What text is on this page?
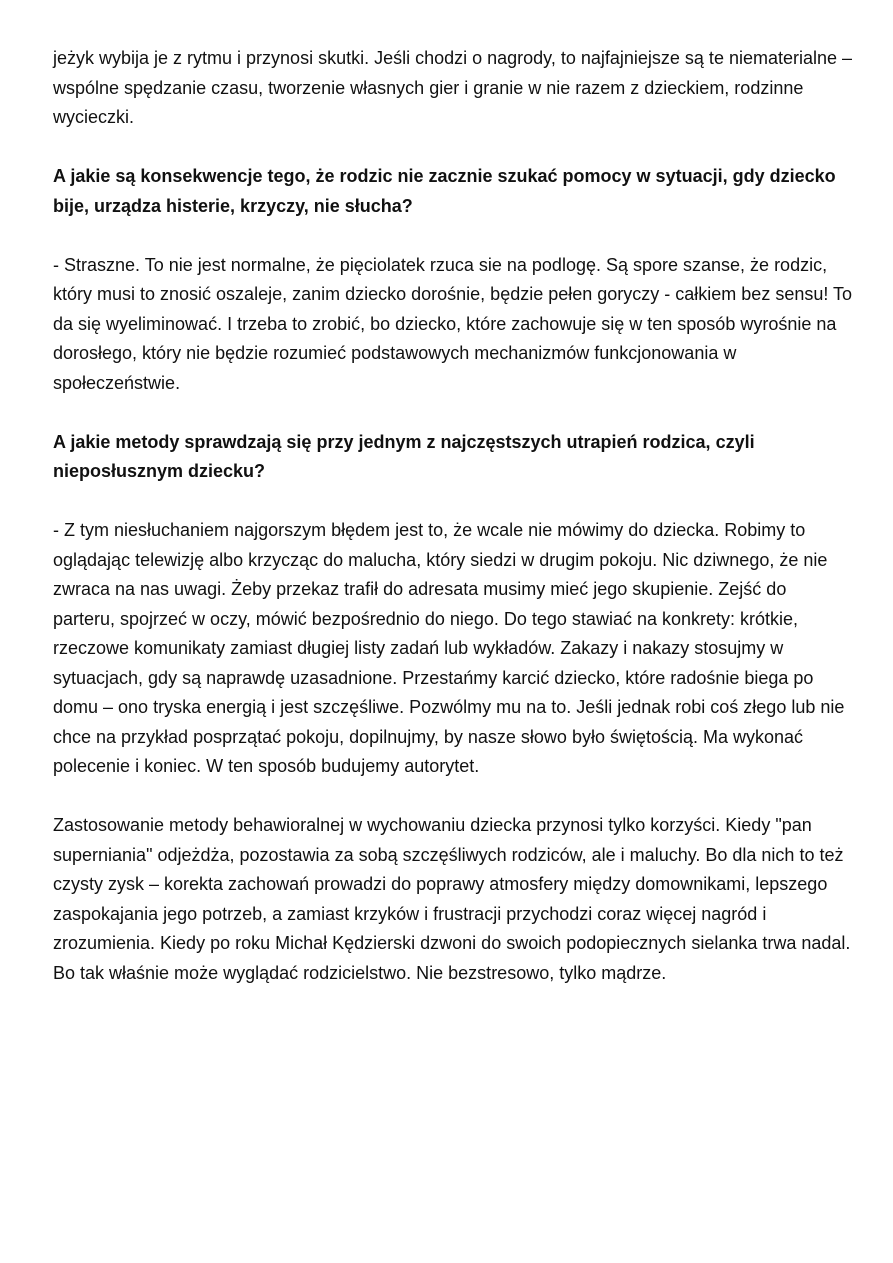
jeżyk wybija je z rytmu i przynosi skutki. Jeśli chodzi o nagrody, to najfajniejsze są te niematerialne – wspólne spędzanie czasu, tworzenie własnych gier i granie w nie razem z dzieckiem, rodzinne wycieczki.

A jakie są konsekwencje tego, że rodzic nie zacznie szukać pomocy w sytuacji, gdy dziecko bije, urządza histerie, krzyczy, nie słucha?

- Straszne. To nie jest normalne, że pięciolatek rzuca sie na podlogę. Są spore szanse, że rodzic, który musi to znosić oszaleje, zanim dziecko dorośnie, będzie pełen goryczy - całkiem bez sensu! To da się wyeliminować. I trzeba to zrobić, bo dziecko, które zachowuje się w ten sposób wyrośnie na dorosłego, który nie będzie rozumieć podstawowych mechanizmów funkcjonowania w społeczeństwie.

A jakie metody sprawdzają się przy jednym z najczęstszych utrapień rodzica, czyli nieposłusznym dziecku?

- Z tym niesłuchaniem najgorszym błędem jest to, że wcale nie mówimy do dziecka. Robimy to oglądając telewizję albo krzycząc do malucha, który siedzi w drugim pokoju. Nic dziwnego, że nie zwraca na nas uwagi. Żeby przekaz trafił do adresata musimy mieć jego skupienie. Zejść do parteru, spojrzeć w oczy, mówić bezpośrednio do niego. Do tego stawiać na konkrety: krótkie, rzeczowe komunikaty zamiast długiej listy zadań lub wykładów. Zakazy i nakazy stosujmy w sytuacjach, gdy są naprawdę uzasadnione. Przestańmy karcić dziecko, które radośnie biega po domu – ono tryska energią i jest szczęśliwe. Pozwólmy mu na to. Jeśli jednak robi coś złego lub nie chce na przykład posprzątać pokoju, dopilnujmy, by nasze słowo było świętością. Ma wykonać polecenie i koniec. W ten sposób budujemy autorytet.

Zastosowanie metody behawioralnej w wychowaniu dziecka przynosi tylko korzyści. Kiedy "pan superniania" odjeżdża, pozostawia za sobą szczęśliwych rodziców, ale i maluchy. Bo dla nich to też czysty zysk – korekta zachowań prowadzi do poprawy atmosfery między domownikami, lepszego zaspokajania jego potrzeb, a zamiast krzyków i frustracji przychodzi coraz więcej nagród i zrozumienia. Kiedy po roku Michał Kędzierski dzwoni do swoich podopiecznych sielanka trwa nadal. Bo tak właśnie może wyglądać rodzicielstwo. Nie bezstresowo, tylko mądrze.
